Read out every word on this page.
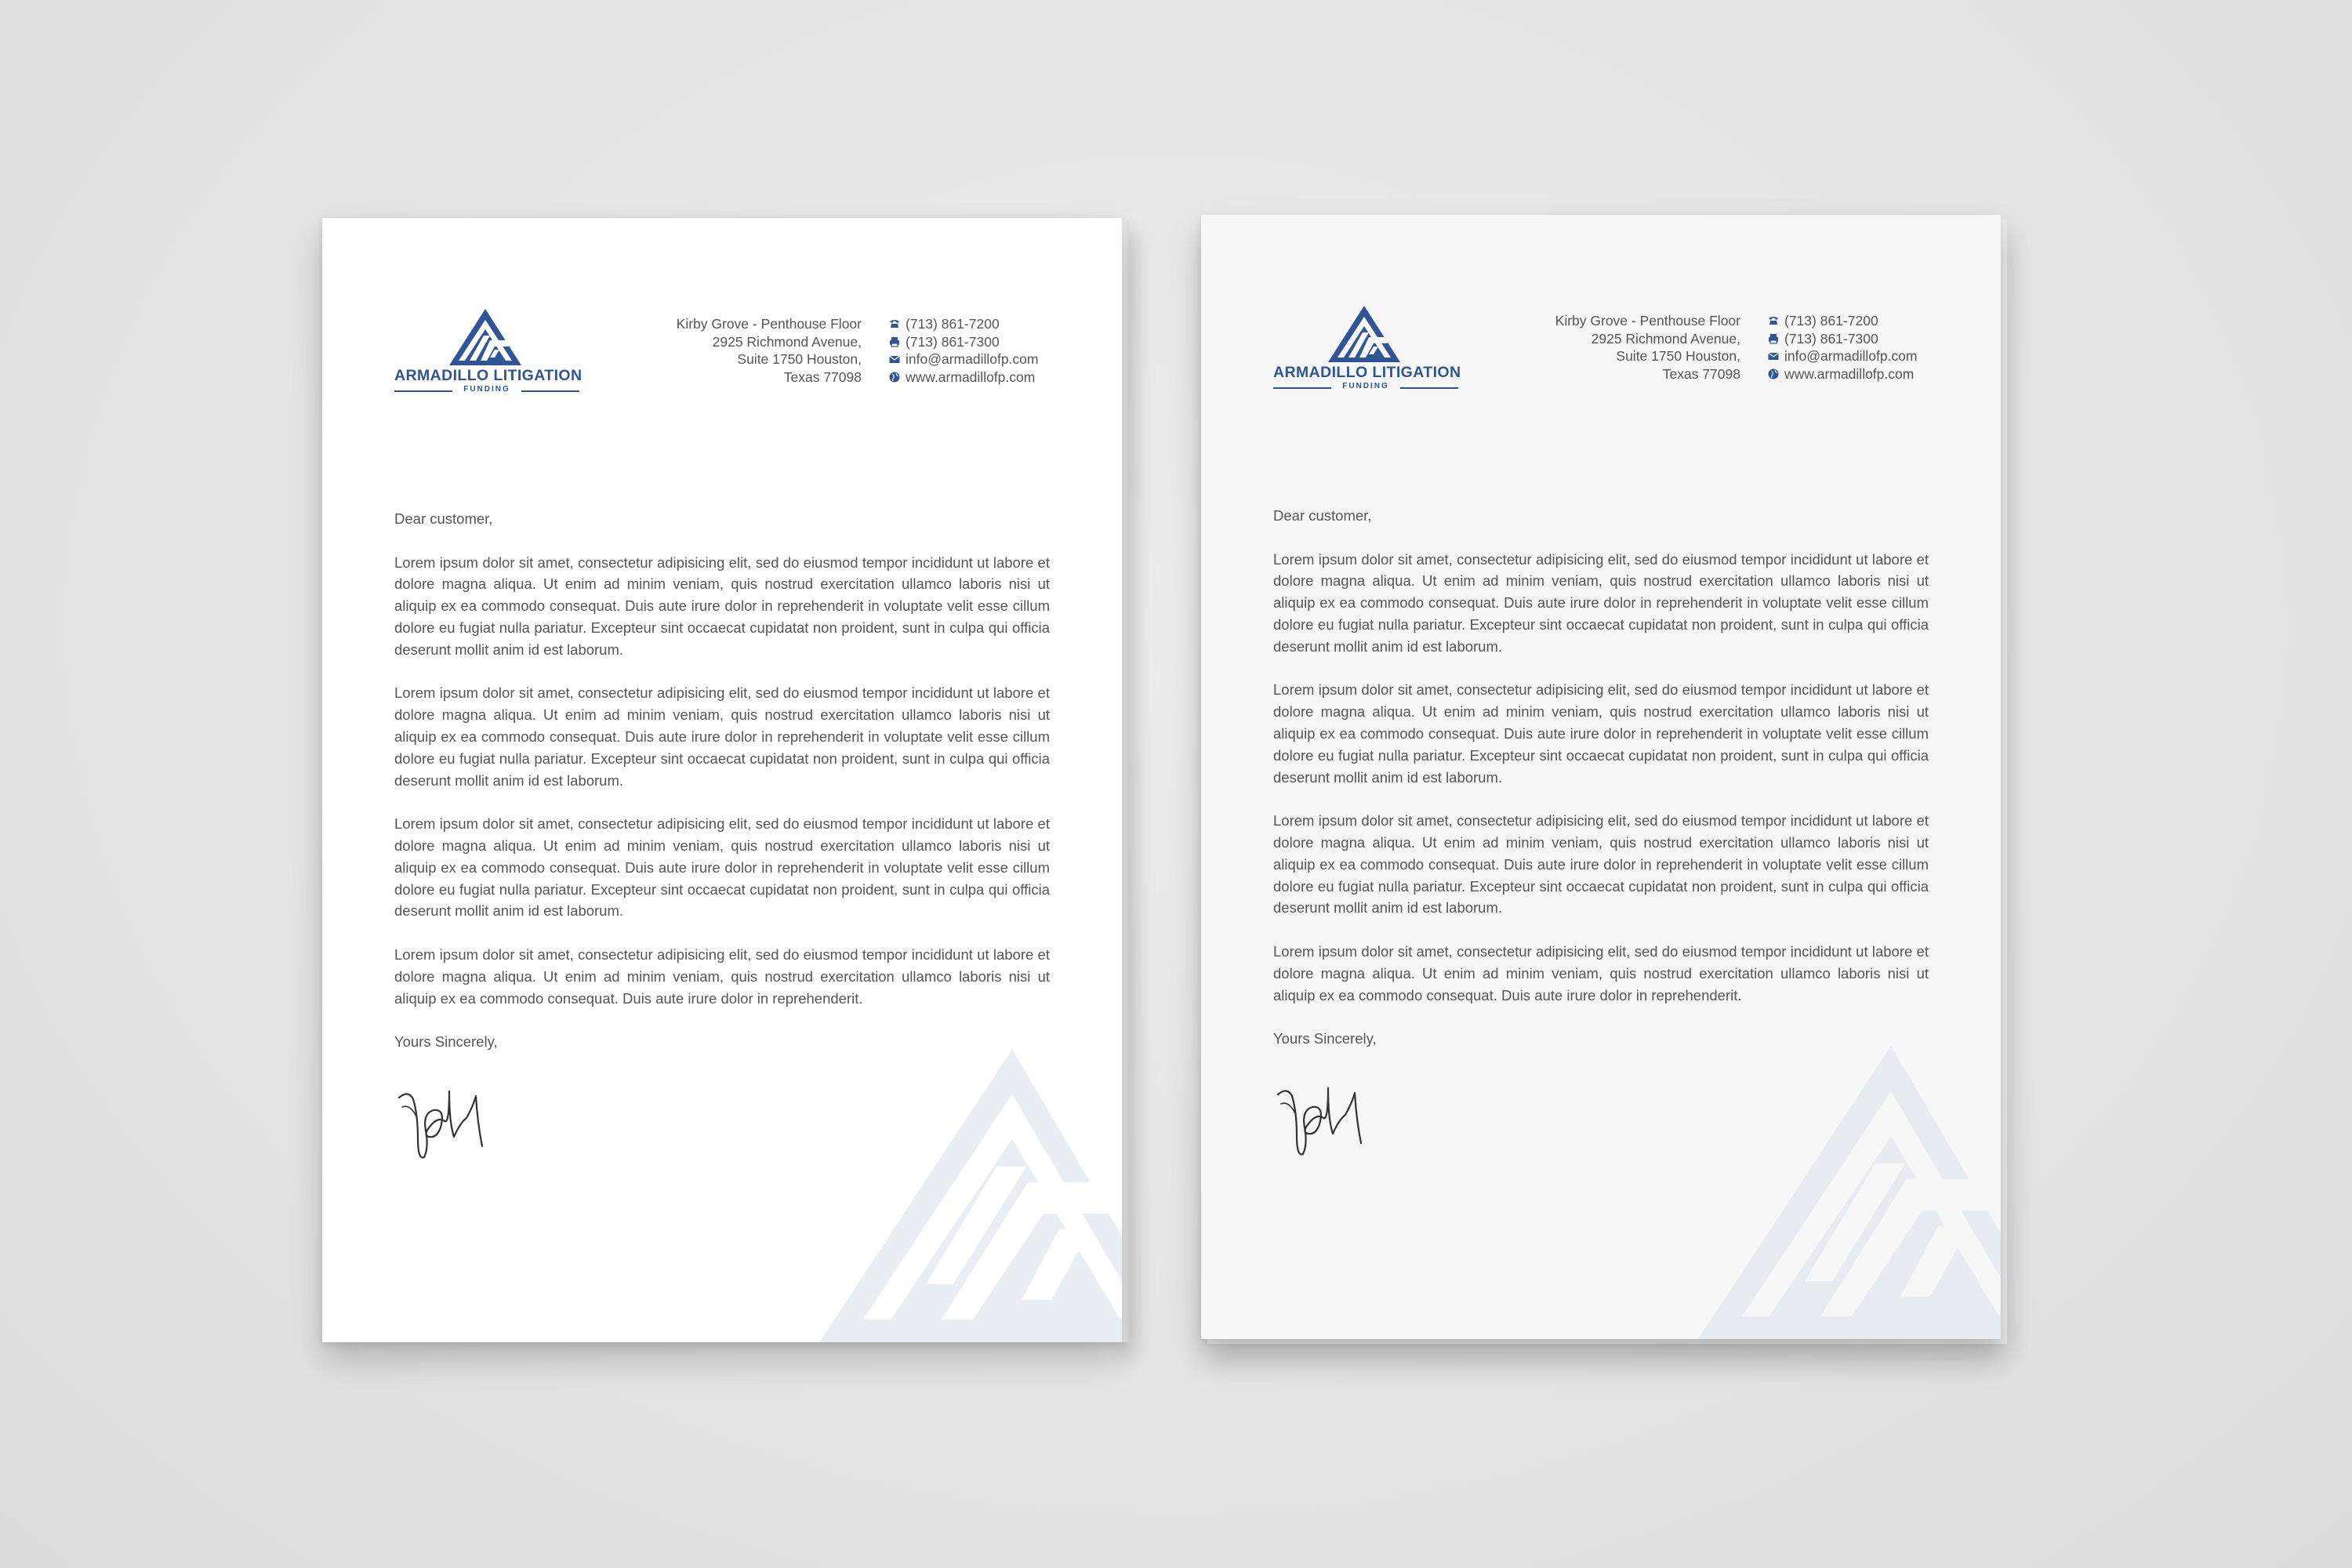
ARMADILLO LITIGATION
FUNDING
Kirby Grove - Penthouse Floor
2925 Richmond Avenue,
Suite 1750 Houston,
Texas 77098
(713) 861-7200
(713) 861-7300
info@armadillofp.com
www.armadillofp.com
Dear customer,

Lorem ipsum dolor sit amet, consectetur adipisicing elit, sed do eiusmod tempor incididunt ut labore et dolore magna aliqua. Ut enim ad minim veniam, quis nostrud exercitation ullamco laboris nisi ut aliquip ex ea commodo consequat. Duis aute irure dolor in reprehenderit in voluptate velit esse cillum dolore eu fugiat nulla pariatur. Excepteur sint occaecat cupidatat non proident, sunt in culpa qui officia deserunt mollit anim id est laborum.

Lorem ipsum dolor sit amet, consectetur adipisicing elit, sed do eiusmod tempor incididunt ut labore et dolore magna aliqua. Ut enim ad minim veniam, quis nostrud exercitation ullamco laboris nisi ut aliquip ex ea commodo consequat. Duis aute irure dolor in reprehenderit in voluptate velit esse cillum dolore eu fugiat nulla pariatur. Excepteur sint occaecat cupidatat non proident, sunt in culpa qui officia deserunt mollit anim id est laborum.

Lorem ipsum dolor sit amet, consectetur adipisicing elit, sed do eiusmod tempor incididunt ut labore et dolore magna aliqua. Ut enim ad minim veniam, quis nostrud exercitation ullamco laboris nisi ut aliquip ex ea commodo consequat. Duis aute irure dolor in reprehenderit in voluptate velit esse cillum dolore eu fugiat nulla pariatur. Excepteur sint occaecat cupidatat non proident, sunt in culpa qui officia deserunt mollit anim id est laborum.

Lorem ipsum dolor sit amet, consectetur adipisicing elit, sed do eiusmod tempor incididunt ut labore et dolore magna aliqua. Ut enim ad minim veniam, quis nostrud exercitation ullamco laboris nisi ut aliquip ex ea commodo consequat. Duis aute irure dolor in reprehenderit.

Yours Sincerely,
ARMADILLO LITIGATION
FUNDING
Kirby Grove - Penthouse Floor
2925 Richmond Avenue,
Suite 1750 Houston,
Texas 77098
(713) 861-7200
(713) 861-7300
info@armadillofp.com
www.armadillofp.com
Dear customer,

Lorem ipsum dolor sit amet, consectetur adipisicing elit, sed do eiusmod tempor incididunt ut labore et dolore magna aliqua. Ut enim ad minim veniam, quis nostrud exercitation ullamco laboris nisi ut aliquip ex ea commodo consequat. Duis aute irure dolor in reprehenderit in voluptate velit esse cillum dolore eu fugiat nulla pariatur. Excepteur sint occaecat cupidatat non proident, sunt in culpa qui officia deserunt mollit anim id est laborum.

Lorem ipsum dolor sit amet, consectetur adipisicing elit, sed do eiusmod tempor incididunt ut labore et dolore magna aliqua. Ut enim ad minim veniam, quis nostrud exercitation ullamco laboris nisi ut aliquip ex ea commodo consequat. Duis aute irure dolor in reprehenderit in voluptate velit esse cillum dolore eu fugiat nulla pariatur. Excepteur sint occaecat cupidatat non proident, sunt in culpa qui officia deserunt mollit anim id est laborum.

Lorem ipsum dolor sit amet, consectetur adipisicing elit, sed do eiusmod tempor incididunt ut labore et dolore magna aliqua. Ut enim ad minim veniam, quis nostrud exercitation ullamco laboris nisi ut aliquip ex ea commodo consequat. Duis aute irure dolor in reprehenderit in voluptate velit esse cillum dolore eu fugiat nulla pariatur. Excepteur sint occaecat cupidatat non proident, sunt in culpa qui officia deserunt mollit anim id est laborum.

Lorem ipsum dolor sit amet, consectetur adipisicing elit, sed do eiusmod tempor incididunt ut labore et dolore magna aliqua. Ut enim ad minim veniam, quis nostrud exercitation ullamco laboris nisi ut aliquip ex ea commodo consequat. Duis aute irure dolor in reprehenderit.

Yours Sincerely,
